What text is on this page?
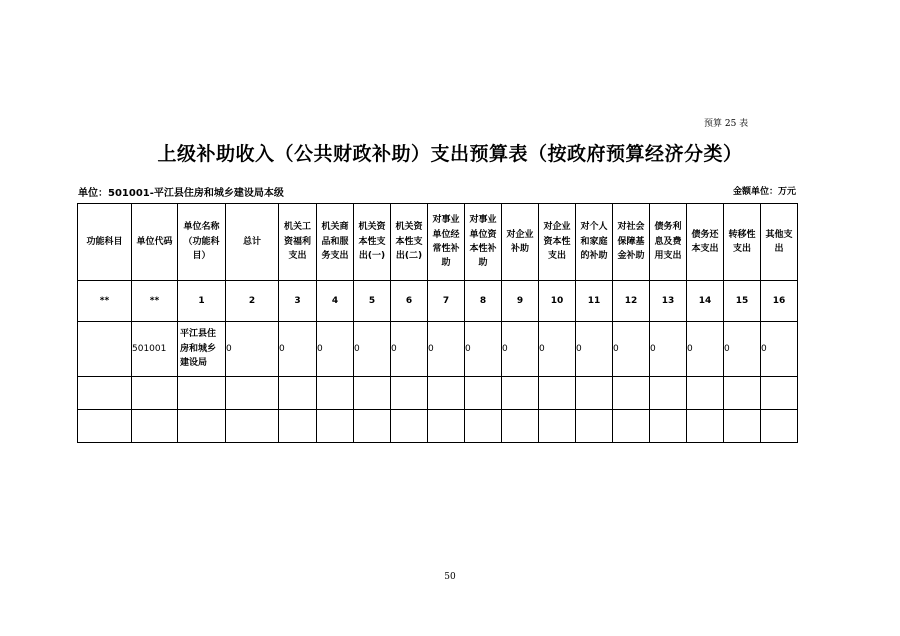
预算 25 表
上级补助收入（公共财政补助）支出预算表（按政府预算经济分类）
单位：501001-平江县住房和城乡建设局本级	金额单位：万元
功能科目	单位代码	单位名称（功能科目）	总计	机关工资福利支出	机关商品和服务支出	机关资本性支出(一)	机关资本性支出(二)	对事业单位经常性补助	对事业单位资本性补助	对企业补助	对企业资本性支出	对个人和家庭的补助	对社会保障基金补助	债务利息及费用支出	债务还本支出	转移性支出	其他支出
**	**	1	2	3	4	5	6	7	8	9	10	11	12	13	14	15	16
	501001	平江县住房和城乡建设局	0	0	0	0	0	0	0	0	0	0	0	0	0	0	0

50
